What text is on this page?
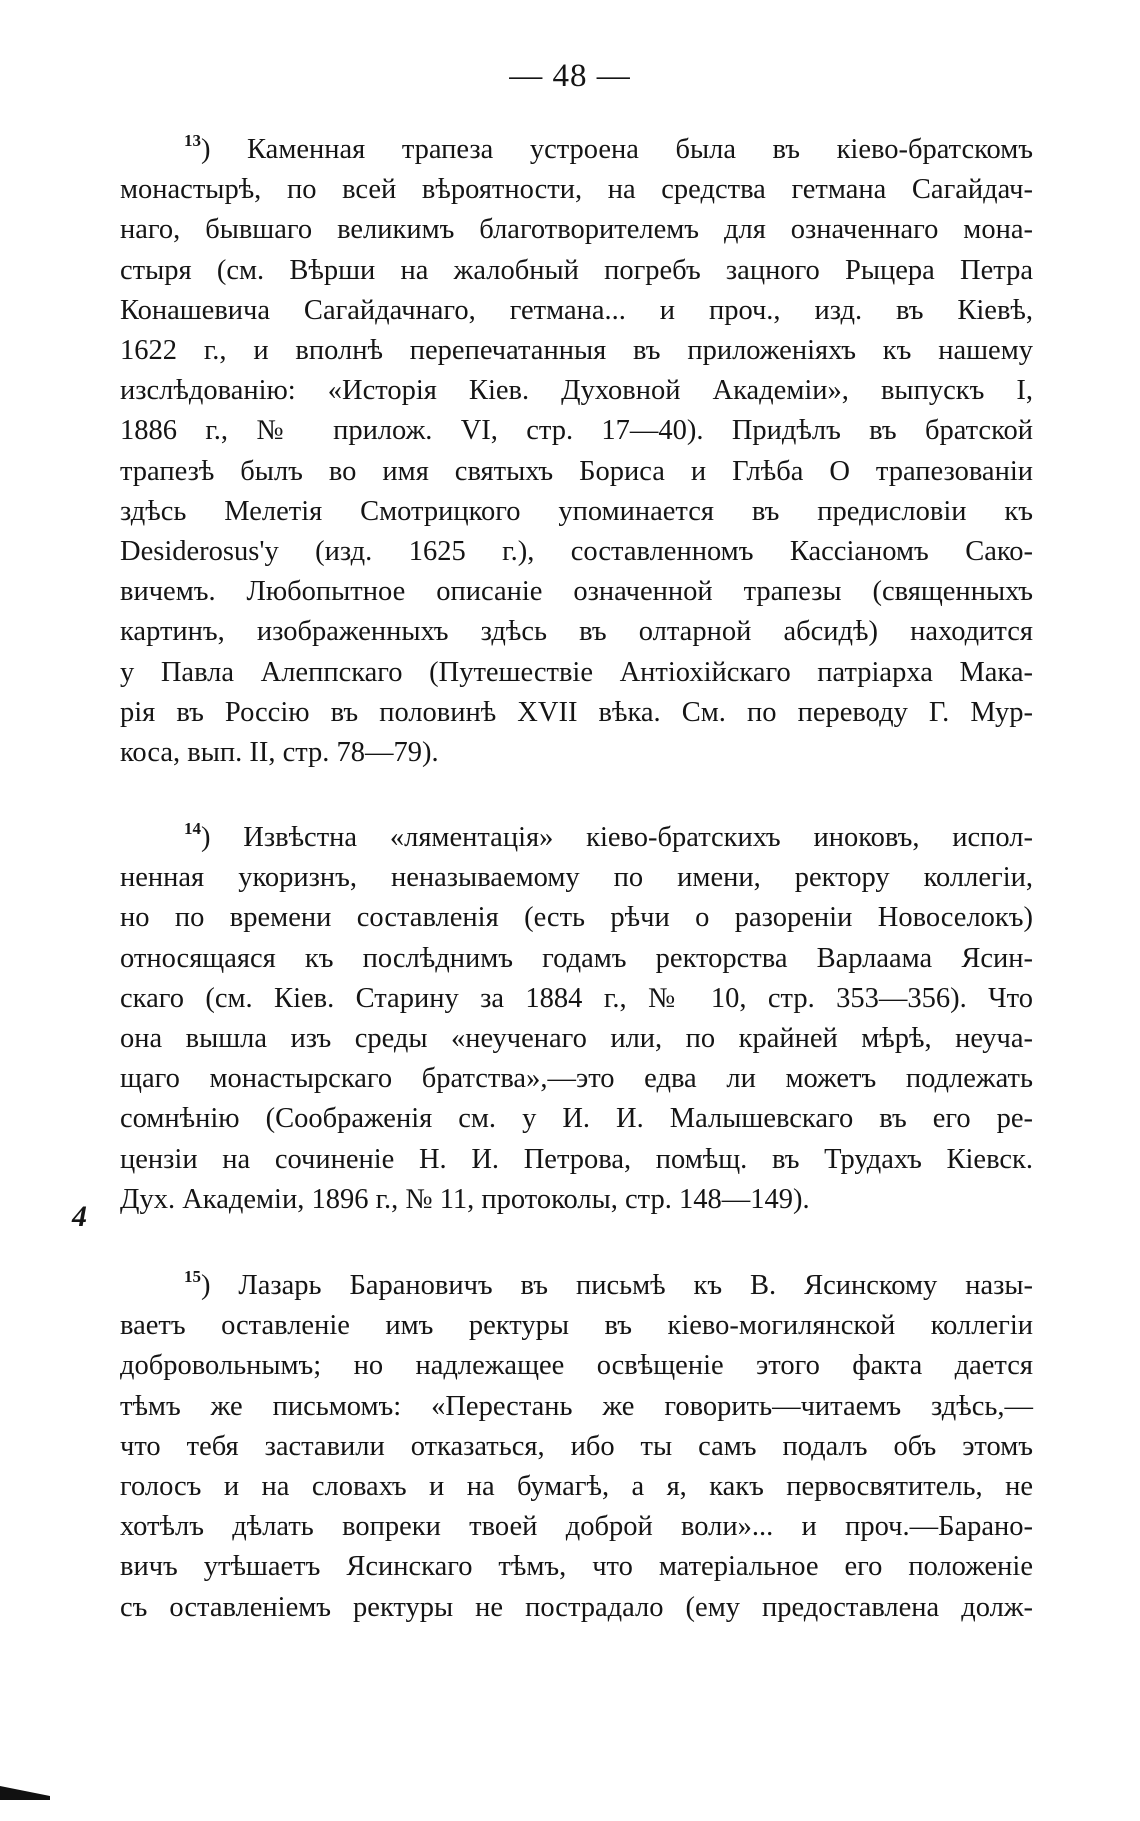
— 48 —
$^{13}$) Каменная трапеза устроена была въ кіево-братскомъ
монастырѣ, по всей вѣроятности, на средства гетмана Сагайдач-
наго, бывшаго великимъ благотворителемъ для означеннаго мона-
стыря (см. Вѣрши на жалобный погребъ зацного Рыцера Петра
Конашевича Сагайдачнаго, гетмана... и проч., изд. въ Кіевѣ,
1622 г., и вполнѣ перепечатанныя въ приложеніяхъ къ нашему
изслѣдованію: «Исторія Кіев. Духовной Академіи», выпускъ I,
1886 г., № прилож. VI, стр. 17—40). Придѣлъ въ братской
трапезѣ былъ во имя святыхъ Бориса и Глѣба О трапезованіи
здѣсь Мелетія Смотрицкого упоминается въ предисловіи къ
Desiderosus'у (изд. 1625 г.), составленномъ Кассіаномъ Сако-
вичемъ. Любопытное описаніе означенной трапезы (священныхъ
картинъ, изображенныхъ здѣсь въ олтарной абсидѣ) находится
у Павла Алеппскаго (Путешествіе Антіохійскаго патріарха Мака-
рія въ Россію въ половинѣ XVII вѣка. См. по переводу Г. Мур-
коса, вып. II, стр. 78—79).
$^{14}$) Извѣстна «ляментація» кіево-братскихъ иноковъ, испол-
ненная укоризнъ, неназываемому по имени, ректору коллегіи,
но по времени составленія (есть рѣчи о разореніи Новоселокъ)
относящаяся къ послѣднимъ годамъ ректорства Варлаама Ясин-
скаго (см. Кіев. Старину за 1884 г., № 10, стр. 353—356). Что
она вышла изъ среды «неученаго или, по крайней мѣрѣ, неуча-
щаго монастырскаго братства»,—это едва ли можетъ подлежать
сомнѣнію (Соображенія см. у И. И. Малышевскаго въ его ре-
цензіи на сочиненіе Н. И. Петрова, помѣщ. въ Трудахъ Кіевск.
Дух. Академіи, 1896 г., № 11, протоколы, стр. 148—149).
4
$^{15}$) Лазарь Барановичъ въ письмѣ къ В. Ясинскому назы-
ваетъ оставленіе имъ ректуры въ кіево-могилянской коллегіи
добровольнымъ; но надлежащее освѣщеніе этого факта дается
тѣмъ же письмомъ: «Перестань же говорить—читаемъ здѣсь,—
что тебя заставили отказаться, ибо ты самъ подалъ объ этомъ
голосъ и на словахъ и на бумагѣ, а я, какъ первосвятитель, не
хотѣлъ дѣлать вопреки твоей доброй воли»... и проч.—Барано-
вичъ утѣшаетъ Ясинскаго тѣмъ, что матеріальное его положеніе
съ оставленіемъ ректуры не пострадало (ему предоставлена долж-
